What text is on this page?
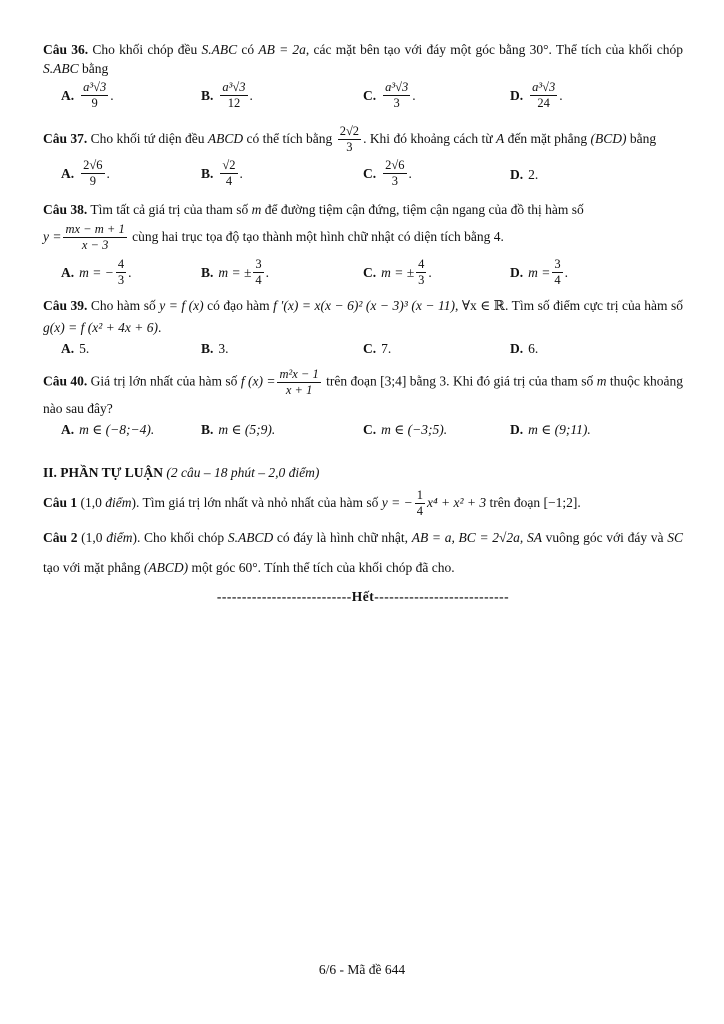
Câu 36. Cho khối chóp đều S.ABC có AB = 2a, các mặt bên tạo với đáy một góc bằng 30°. Thể tích của khối chóp S.ABC bằng
A. $\frac{\text{a³√3}}{9}$ .	B. $\frac{\text{a³√3}}{12}$ .	C. $\frac{\text{a³√3}}{3}$ .	D. $\frac{\text{a³√3}}{24}$ .
Câu 37. Cho khối tứ diện đều ABCD có thể tích bằng $\frac{2√2}{3}$ . Khi đó khoảng cách từ A đến mặt phẳng (BCD) bằng
A. $\frac{2√6}{9}$ .	B. $\frac{√2}{4}$ .	C. $\frac{2√6}{3}$ .	D. 2.
Câu 38. Tìm tất cả giá trị của tham số m để đường tiệm cận đứng, tiệm cận ngang của đồ thị hàm số
$y = \frac{mx - m + 1}{x - 3}$ cùng hai trục tọa độ tạo thành một hình chữ nhật có diện tích bằng 4.
A. m = − $\frac{4}{3}$ .	B. m = ± $\frac{3}{4}$ .	C. m = ± $\frac{4}{3}$ .	D. $m = \frac{3}{4}$ .
Câu 39. Cho hàm số y = f (x) có đạo hàm f ′(x) = x(x − 6)² (x − 3)³ (x − 11), ∀x ∈ ℝ. Tìm số điểm cực trị của hàm số g(x) = f (x² + 4x + 6).
A. 5.	B. 3.	C. 7.	D. 6.
Câu 40. Giá trị lớn nhất của hàm số f $(x) = \frac{\text{m²x − 1}}{x + 1}$ trên đoạn [3;4] bằng 3. Khi đó giá trị của tham số m thuộc khoảng nào sau đây?
A. m ∈ (−8;−4).	B. m ∈ (5;9).	C. m ∈ (−3;5).	D. m ∈ (9;11).
II. PHẦN TỰ LUẬN (2 câu – 18 phút – 2,0 điểm)
Câu 1 (1,0 điểm). Tìm giá trị lớn nhất và nhỏ nhất của hàm số y = − $\frac{1}{4} x^4 + x^2 + 3$ trên đoạn [−1;2].
Câu 2 (1,0 điểm). Cho khối chóp S.ABCD có đáy là hình chữ nhật, AB = a, BC = 2√2a, SA vuông góc với đáy và SC tạo với mặt phẳng (ABCD) một góc 60°. Tính thể tích của khối chóp đã cho.
---------------------------Hết---------------------------
6/6 - Mã đề 644
